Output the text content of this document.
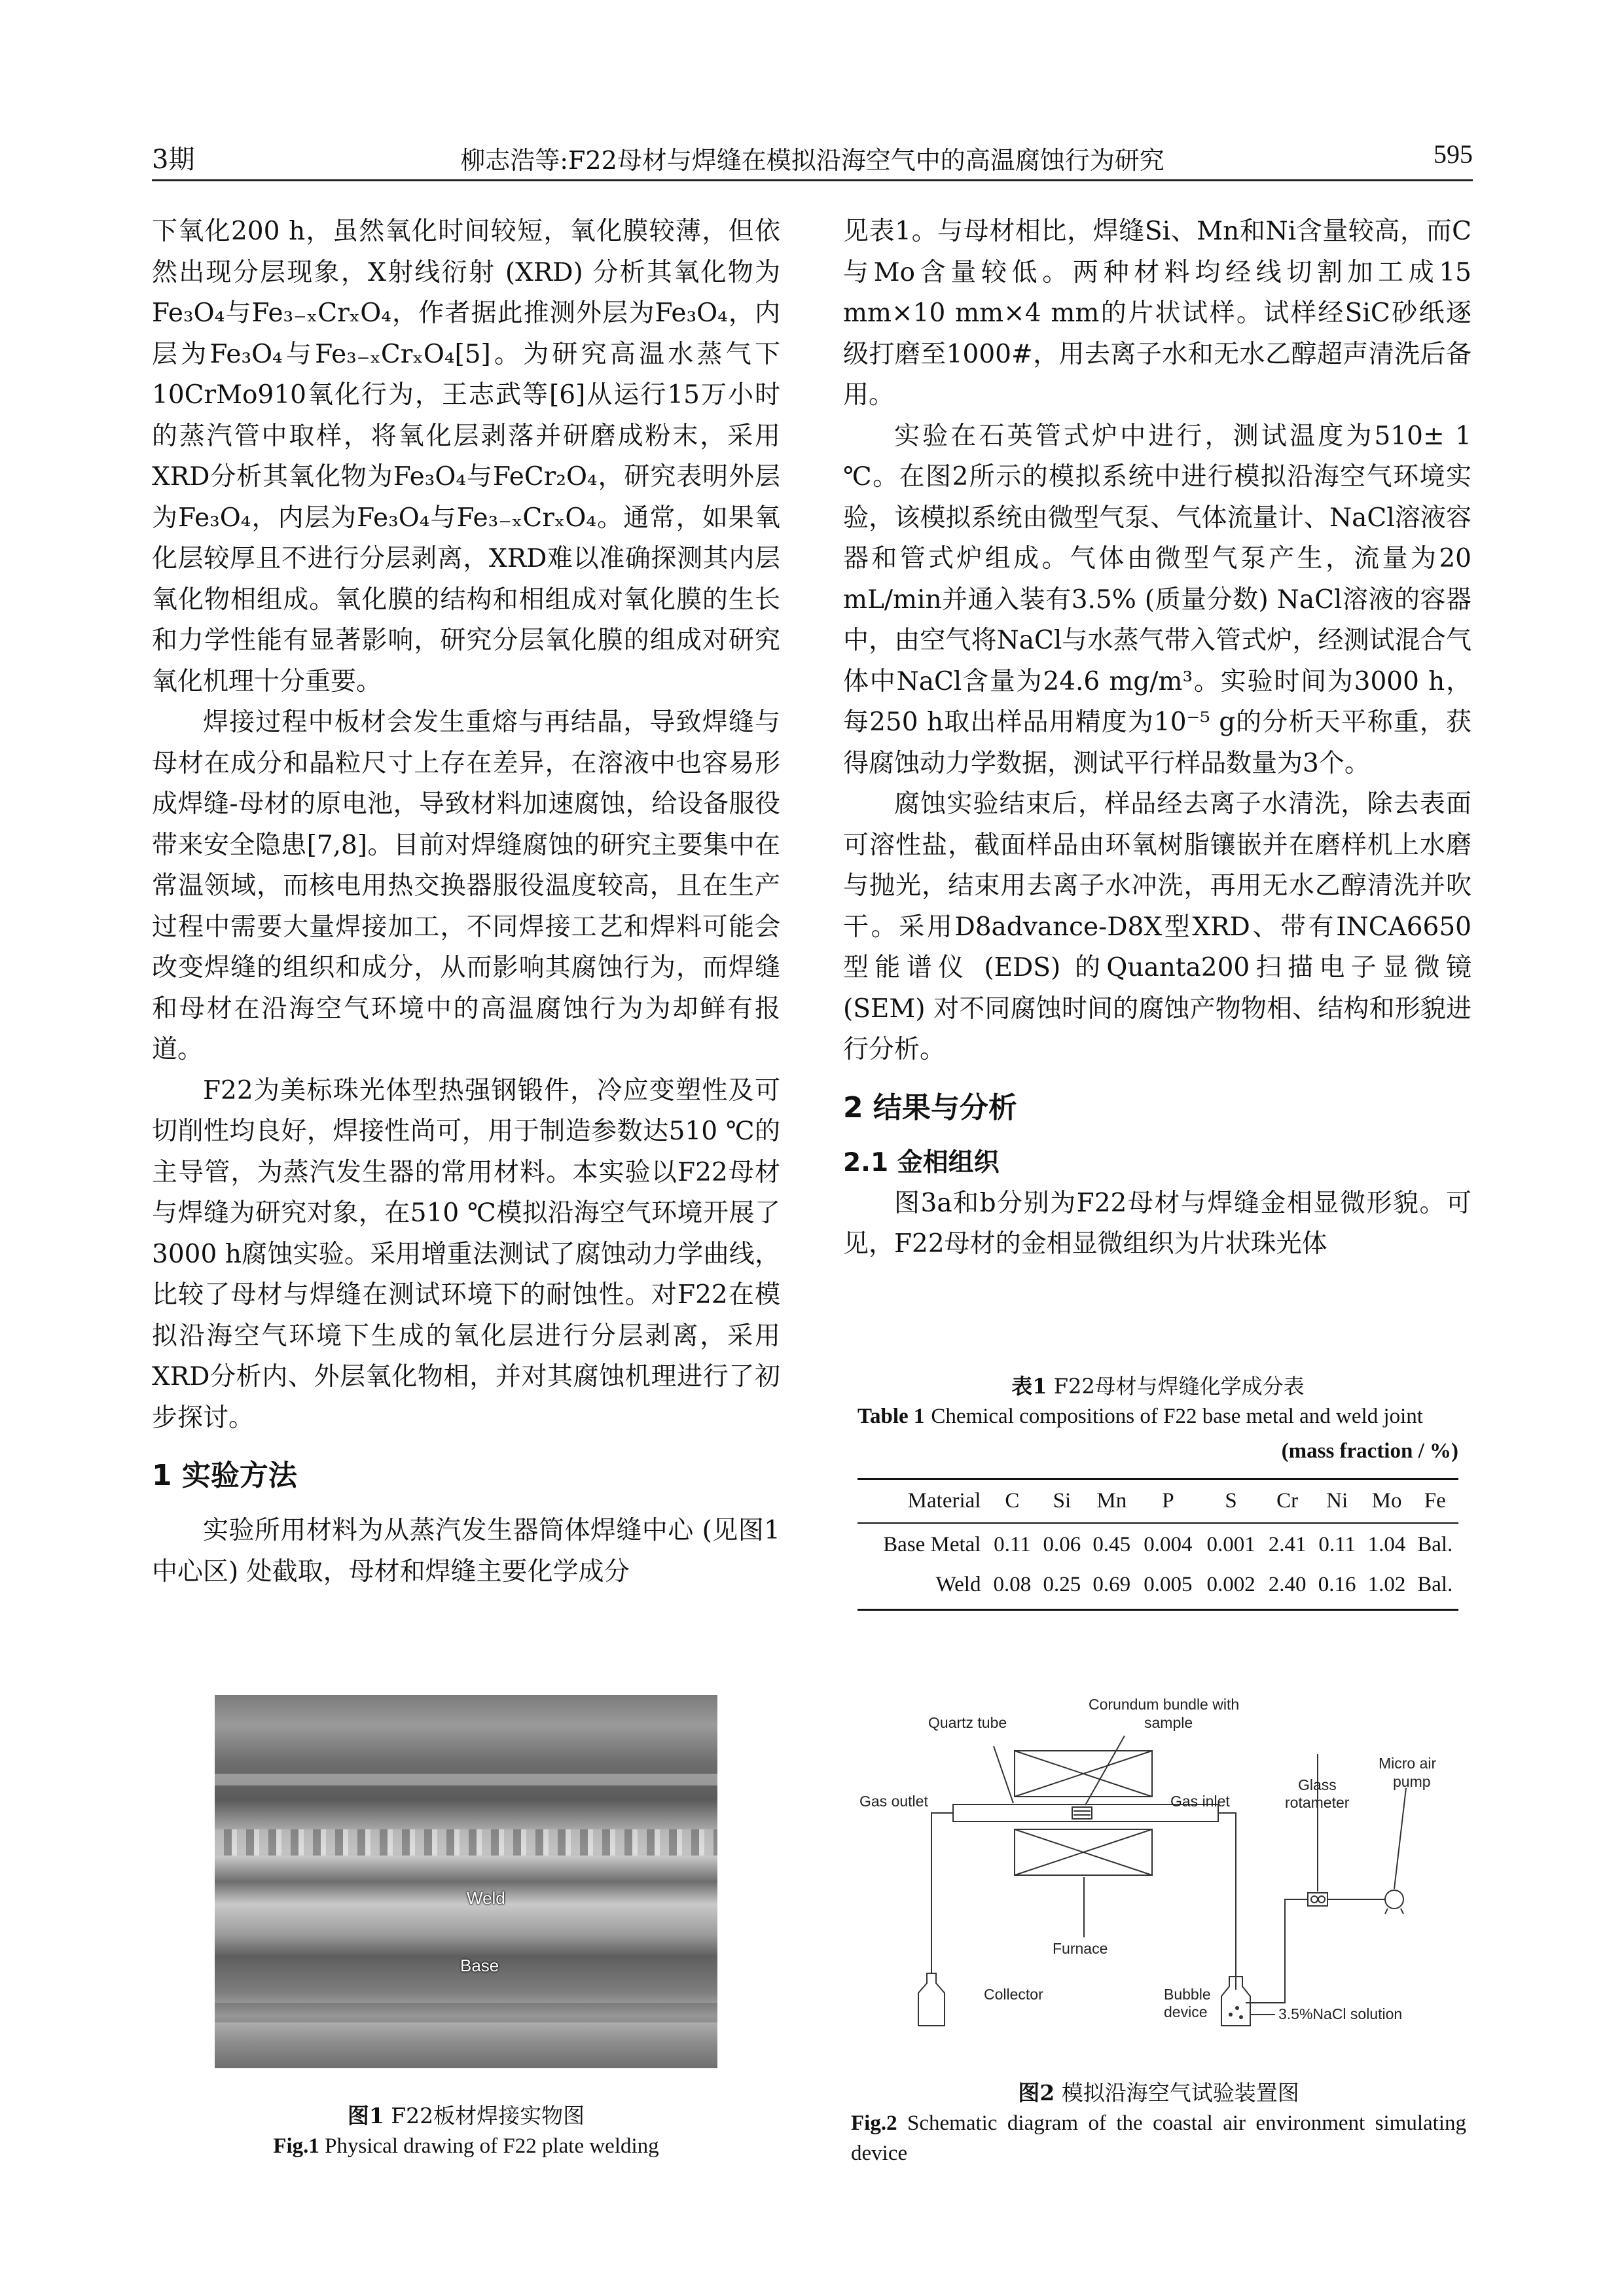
3期	柳志浩等:F22母材与焊缝在模拟沿海空气中的高温腐蚀行为研究	595

下氧化200 h，虽然氧化时间较短，氧化膜较薄，但依然出现分层现象，X射线衍射 (XRD) 分析其氧化物为Fe₃O₄与Fe₃₋ₓCrₓO₄，作者据此推测外层为Fe₃O₄，内层为Fe₃O₄与Fe₃₋ₓCrₓO₄[5]。为研究高温水蒸气下10CrMo910氧化行为，王志武等[6]从运行15万小时的蒸汽管中取样，将氧化层剥落并研磨成粉末，采用XRD分析其氧化物为Fe₃O₄与FeCr₂O₄，研究表明外层为Fe₃O₄，内层为Fe₃O₄与Fe₃₋ₓCrₓO₄。通常，如果氧化层较厚且不进行分层剥离，XRD难以准确探测其内层氧化物相组成。氧化膜的结构和相组成对氧化膜的生长和力学性能有显著影响，研究分层氧化膜的组成对研究氧化机理十分重要。

焊接过程中板材会发生重熔与再结晶，导致焊缝与母材在成分和晶粒尺寸上存在差异，在溶液中也容易形成焊缝-母材的原电池，导致材料加速腐蚀，给设备服役带来安全隐患[7,8]。目前对焊缝腐蚀的研究主要集中在常温领域，而核电用热交换器服役温度较高，且在生产过程中需要大量焊接加工，不同焊接工艺和焊料可能会改变焊缝的组织和成分，从而影响其腐蚀行为，而焊缝和母材在沿海空气环境中的高温腐蚀行为为却鲜有报道。

F22为美标珠光体型热强钢锻件，冷应变塑性及可切削性均良好，焊接性尚可，用于制造参数达510 ℃的主导管，为蒸汽发生器的常用材料。本实验以F22母材与焊缝为研究对象，在510 ℃模拟沿海空气环境开展了3000 h腐蚀实验。采用增重法测试了腐蚀动力学曲线，比较了母材与焊缝在测试环境下的耐蚀性。对F22在模拟沿海空气环境下生成的氧化层进行分层剥离，采用XRD分析内、外层氧化物相，并对其腐蚀机理进行了初步探讨。

1 实验方法

实验所用材料为从蒸汽发生器筒体焊缝中心 (见图1中心区) 处截取，母材和焊缝主要化学成分

见表1。与母材相比，焊缝Si、Mn和Ni含量较高，而C与Mo含量较低。两种材料均经线切割加工成15 mm×10 mm×4 mm的片状试样。试样经SiC砂纸逐级打磨至1000#，用去离子水和无水乙醇超声清洗后备用。

实验在石英管式炉中进行，测试温度为510± 1 ℃。在图2所示的模拟系统中进行模拟沿海空气环境实验，该模拟系统由微型气泵、气体流量计、NaCl溶液容器和管式炉组成。气体由微型气泵产生，流量为20 mL/min并通入装有3.5% (质量分数) NaCl溶液的容器中，由空气将NaCl与水蒸气带入管式炉，经测试混合气体中NaCl含量为24.6 mg/m³。实验时间为3000 h，每250 h取出样品用精度为10⁻⁵ g的分析天平称重，获得腐蚀动力学数据，测试平行样品数量为3个。

腐蚀实验结束后，样品经去离子水清洗，除去表面可溶性盐，截面样品由环氧树脂镶嵌并在磨样机上水磨与抛光，结束用去离子水冲洗，再用无水乙醇清洗并吹干。采用D8advance-D8X型XRD、带有INCA6650型能谱仪 (EDS) 的Quanta200扫描电子显微镜 (SEM) 对不同腐蚀时间的腐蚀产物物相、结构和形貌进行分析。

2 结果与分析
2.1 金相组织

图3a和b分别为F22母材与焊缝金相显微形貌。可见，F22母材的金相显微组织为片状珠光体

表1 F22母材与焊缝化学成分表
Table 1 Chemical compositions of F22 base metal and weld joint
(mass fraction / %)
Material	C	Si	Mn	P	S	Cr	Ni	Mo	Fe
Base Metal	0.11	0.06	0.45	0.004	0.001	2.41	0.11	1.04	Bal.
Weld	0.08	0.25	0.69	0.005	0.002	2.40	0.16	1.02	Bal.
Weld
Base
图1 F22板材焊接实物图
Fig.1 Physical drawing of F22 plate welding
Quartz tube
Corundum bundle with
sample
Gas outlet	Gas inlet
Glass
rotameter
Micro air
pump
Furnace
Collector	Bubble
device	3.5%NaCl solution
图2 模拟沿海空气试验装置图
Fig.2 Schematic diagram of the coastal air environment simulating device
